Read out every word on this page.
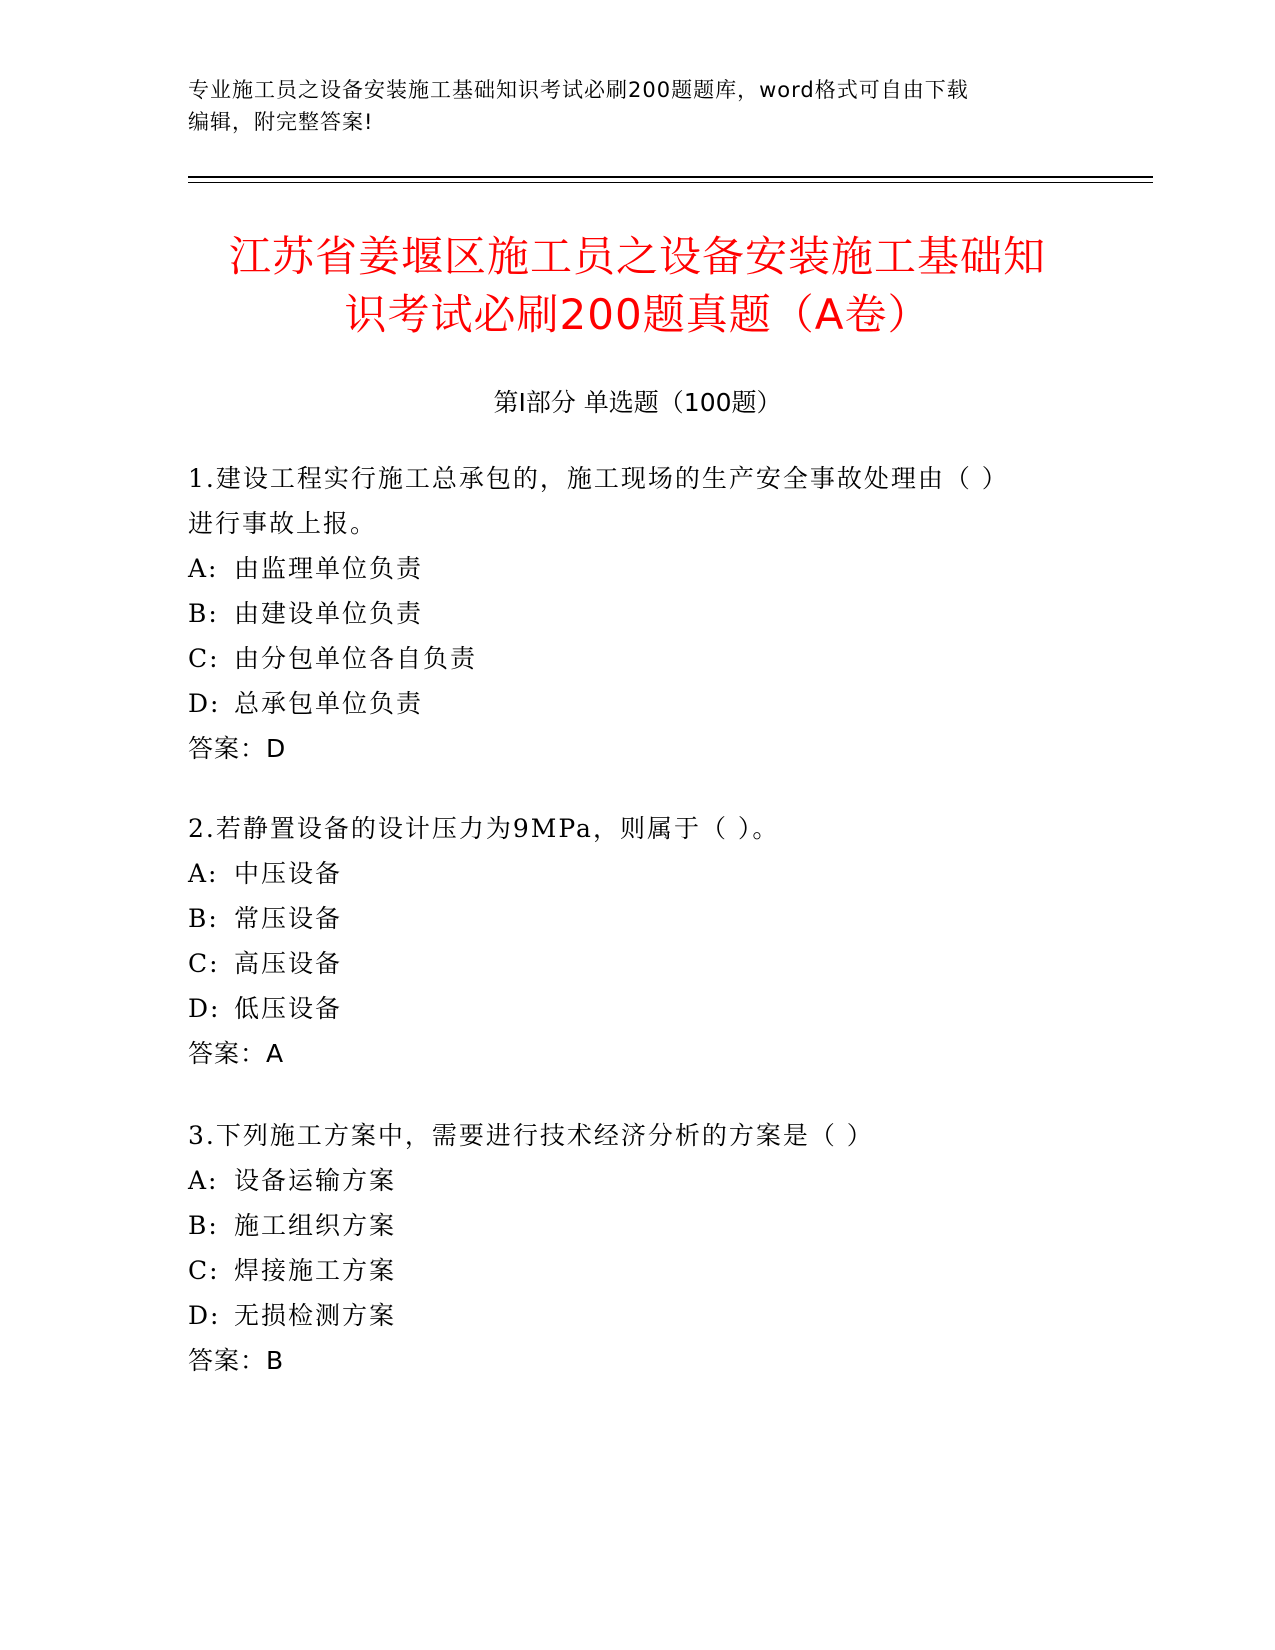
专业施工员之设备安装施工基础知识考试必刷200题题库，word格式可自由下载
编辑，附完整答案!
江苏省姜堰区施工员之设备安装施工基础知
识考试必刷200题真题（A卷）
第I部分 单选题（100题）
1.建设工程实行施工总承包的，施工现场的生产安全事故处理由（ ）
进行事故上报。
A: 由监理单位负责
B: 由建设单位负责
C: 由分包单位各自负责
D: 总承包单位负责
答案：D
2.若静置设备的设计压力为9MPa，则属于（ ）。
A: 中压设备
B: 常压设备
C: 高压设备
D: 低压设备
答案：A
3.下列施工方案中，需要进行技术经济分析的方案是（ ）
A: 设备运输方案
B: 施工组织方案
C: 焊接施工方案
D: 无损检测方案
答案：B
